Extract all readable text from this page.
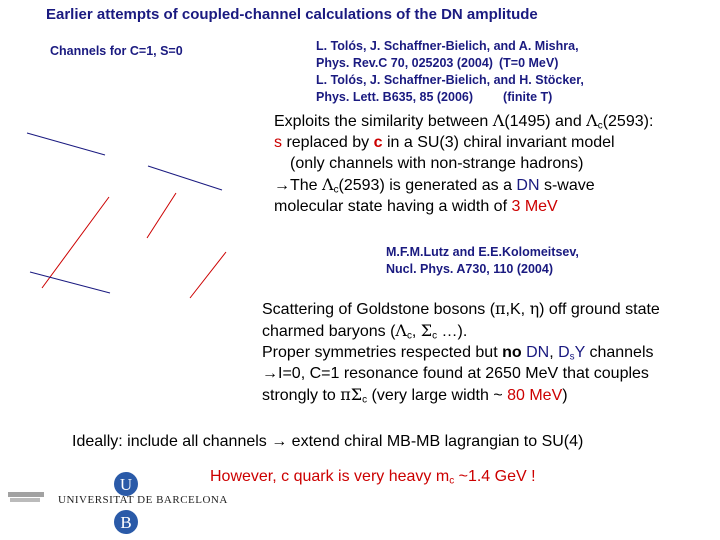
Earlier attempts of coupled-channel calculations of the DN amplitude
Channels for C=1, S=0	L. Tolós, J. Schaffner-Bielich, and A. Mishra,
Phys. Rev.C 70, 025203 (2004) (T=0 MeV)
L. Tolós, J. Schaffner-Bielich, and H. Stöcker,
Phys. Lett. B635, 85 (2006) (finite T)
Exploits the similarity between Λ(1495) and $\Lambda_c(2593)$:
s replaced by c in a SU(3) chiral invariant model
(only channels with non-strange hadrons)
→The $\Lambda_c(2593)$ is generated as a DN s-wave
molecular state having a width of 3 MeV
M.F.M.Lutz and E.E.Kolomeitsev,
Nucl. Phys. A730, 110 (2004)
Scattering of Goldstone bosons (π,K, η) off ground state
charmed baryons ($\Lambda_c$, $\Sigma_c$ …).
Proper symmetries respected but no DN, $D_sY$ channels
→I=0, C=1 resonance found at 2650 MeV that couples
strongly to $\pi\Sigma_c$ (very large width ~ 80 MeV)
Ideally: include all channels → extend chiral MB-MB lagrangian to SU(4)
However, c quark is very heavy $m_c$ ~1.4 GeV !
U
B
UNIVERSITAT DE BARCELONA
